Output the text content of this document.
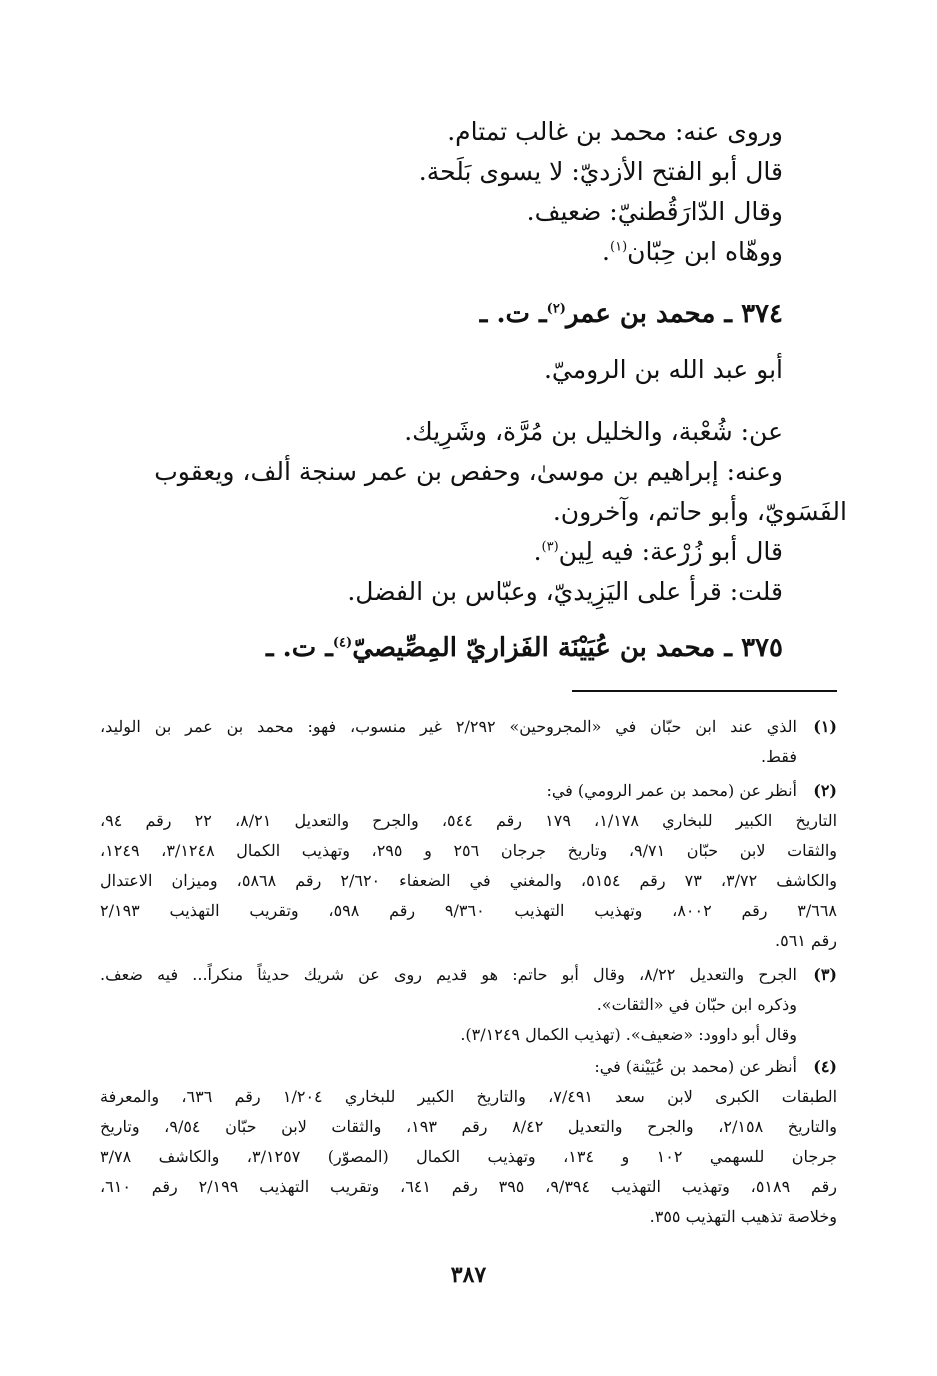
وروى عنه: محمد بن غالب تمتام.
قال أبو الفتح الأزديّ: لا يسوى بَلَحة.
وقال الدّارَقُطنيّ: ضعيف.
ووهّاه ابن حِبّان$^{(١)}$.
٣٧٤ ـ محمد بن عمر$^{(٢)}$ـ ت. ـ
أبو عبد الله بن الروميّ.
عن: شُعْبة، والخليل بن مُرَّة، وشَرِيك.
وعنه: إبراهيم بن موسىٰ، وحفص بن عمر سنجة ألف، ويعقوب
الفَسَويّ، وأبو حاتم، وآخرون.
قال أبو زُرْعة: فيه لِين$^{(٣)}$.
قلت: قرأ على اليَزِيديّ، وعبّاس بن الفضل.
٣٧٥ ـ محمد بن عُيَيْنَة الفَزاريّ المِصِّيصيّ$^{(٤)}$ـ ت. ـ
(١)
الذي عند ابن حبّان في «المجروحين» ٢/٢٩٢ غير منسوب، فهو: محمد بن عمر بن الوليد،
فقط.
(٢)
أنظر عن (محمد بن عمر الرومي) في:
التاريخ الكبير للبخاري ١/١٧٨، ١٧٩ رقم ٥٤٤، والجرح والتعديل ٨/٢١، ٢٢ رقم ٩٤،
والثقات لابن حبّان ٩/٧١، وتاريخ جرجان ٢٥٦ و ٢٩٥، وتهذيب الكمال ٣/١٢٤٨، ١٢٤٩،
والكاشف ٣/٧٢، ٧٣ رقم ٥١٥٤، والمغني في الضعفاء ٢/٦٢٠ رقم ٥٨٦٨، وميزان الاعتدال
٣/٦٦٨ رقم ٨٠٠٢، وتهذيب التهذيب ٩/٣٦٠ رقم ٥٩٨، وتقريب التهذيب ٢/١٩٣
رقم ٥٦١.
(٣)
الجرح والتعديل ٨/٢٢، وقال أبو حاتم: هو قديم روى عن شريك حديثاً منكراً... فيه ضعف.
وذكره ابن حبّان في «الثقات».
وقال أبو داوود: «ضعيف». (تهذيب الكمال ٣/١٢٤٩).
(٤)
أنظر عن (محمد بن عُيَيْنة) في:
الطبقات الكبرى لابن سعد ٧/٤٩١، والتاريخ الكبير للبخاري ١/٢٠٤ رقم ٦٣٦، والمعرفة
والتاريخ ٢/١٥٨، والجرح والتعديل ٨/٤٢ رقم ١٩٣، والثقات لابن حبّان ٩/٥٤، وتاريخ
جرجان للسهمي ١٠٢ و ١٣٤، وتهذيب الكمال (المصوّر) ٣/١٢٥٧، والكاشف ٣/٧٨
رقم ٥١٨٩، وتهذيب التهذيب ٩/٣٩٤، ٣٩٥ رقم ٦٤١، وتقريب التهذيب ٢/١٩٩ رقم ٦١٠،
وخلاصة تذهيب التهذيب ٣٥٥.
٣٨٧
